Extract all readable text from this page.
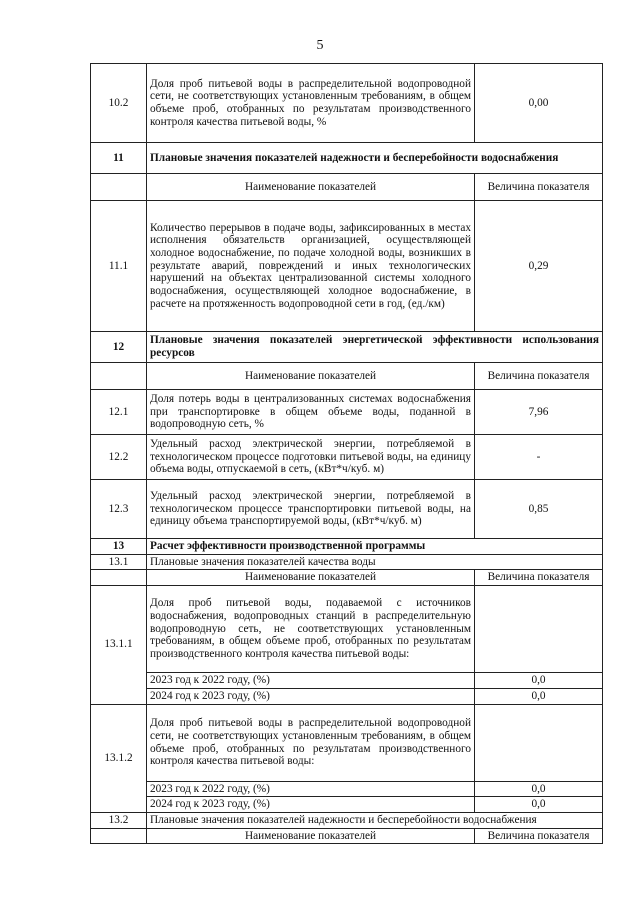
5
10.2	Доля проб питьевой воды в распределительной водопроводной сети, не соответствующих установленным требованиям, в общем объеме проб, отобранных по результатам производственного контроля качества питьевой воды, %	0,00
11	Плановые значения показателей надежности и бесперебойности водоснабжения	
	Наименование показателей	Величина показателя
11.1	Количество перерывов в подаче воды, зафиксированных в местах исполнения обязательств организацией, осуществляющей холодное водоснабжение, по подаче холодной воды, возникших в результате аварий, повреждений и иных технологических нарушений на объектах централизованной системы холодного водоснабжения, осуществляющей холодное водоснабжение, в расчете на протяженность водопроводной сети в год, (ед./км)	0,29
12	Плановые значения показателей энергетической эффективности использования ресурсов	
	Наименование показателей	Величина показателя
12.1	Доля потерь воды в централизованных системах водоснабжения при транспортировке в общем объеме воды, поданной в водопроводную сеть, %	7,96
12.2	Удельный расход электрической энергии, потребляемой в технологическом процессе подготовки питьевой воды, на единицу объема воды, отпускаемой в сеть, (кВт*ч/куб. м)	-
12.3	Удельный расход электрической энергии, потребляемой в технологическом процессе транспортировки питьевой воды, на единицу объема транспортируемой воды, (кВт*ч/куб. м)	0,85
13	Расчет эффективности производственной программы	
13.1	Плановые значения показателей качества воды	
	Наименование показателей	Величина показателя
13.1.1	Доля проб питьевой воды, подаваемой с источников водоснабжения, водопроводных станций в распределительную водопроводную сеть, не соответствующих установленным требованиям, в общем объеме проб, отобранных по результатам производственного контроля качества питьевой воды:	
	2023 год к 2022 году, (%)	0,0
	2024 год к 2023 году, (%)	0,0
13.1.2	Доля проб питьевой воды в распределительной водопроводной сети, не соответствующих установленным требованиям, в общем объеме проб, отобранных по результатам производственного контроля качества питьевой воды:	
	2023 год к 2022 году, (%)	0,0
	2024 год к 2023 году, (%)	0,0
13.2	Плановые значения показателей надежности и бесперебойности водоснабжения	
	Наименование показателей	Величина показателя
